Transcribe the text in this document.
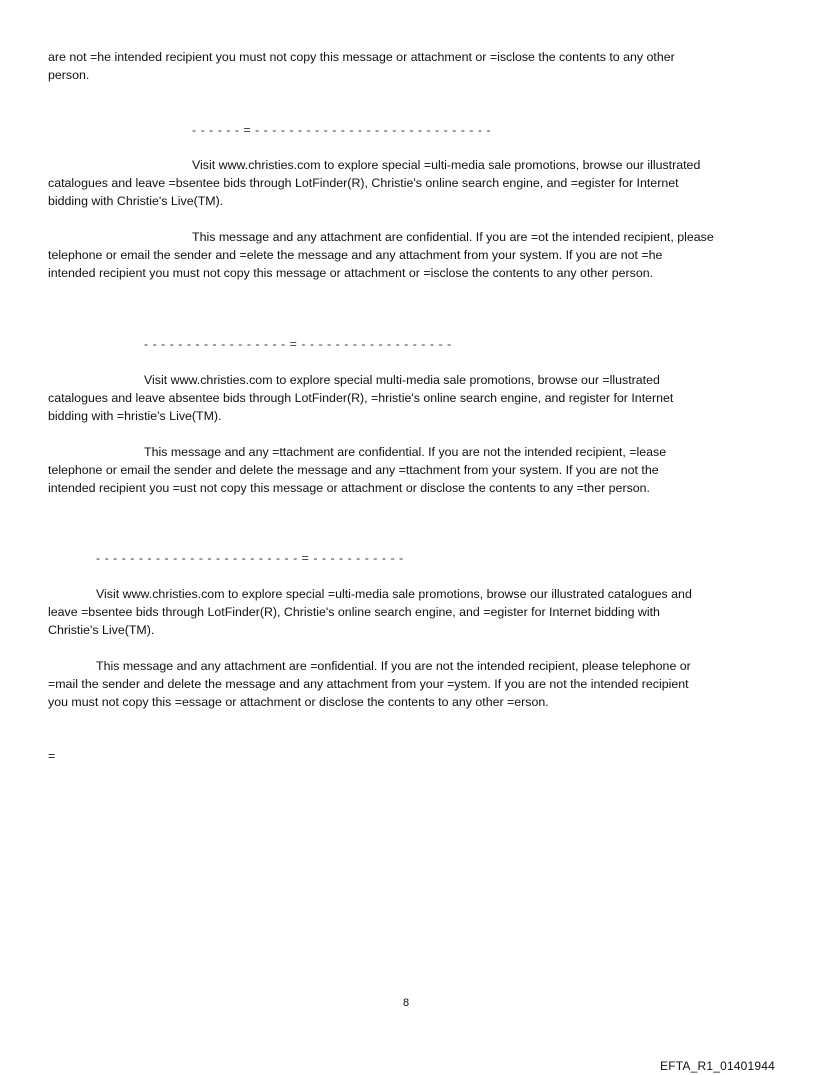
are not =he intended recipient you must not copy this message or attachment or =isclose the contents to any other
person.
- - - - - - = - - - - - - - - - - - - - - - - - - - - - - - - - - - -
Visit www.christies.com to explore special =ulti-media sale promotions, browse our illustrated
catalogues and leave =bsentee bids through LotFinder(R), Christie's online search engine, and =egister for Internet
bidding with Christie's Live(TM).
This message and any attachment are confidential. If you are =ot the intended recipient, please
telephone or email the sender and =elete the message and any attachment from your system. If you are not =he
intended recipient you must not copy this message or attachment or =isclose the contents to any other person.
- - - - - - - - - - - - - - - - - = - - - - - - - - - - - - - - - - - -
Visit www.christies.com to explore special multi-media sale promotions, browse our =llustrated
catalogues and leave absentee bids through LotFinder(R), =hristie's online search engine, and register for Internet
bidding with =hristie's Live(TM).
This message and any =ttachment are confidential. If you are not the intended recipient, =lease
telephone or email the sender and delete the message and any =ttachment from your system. If you are not the
intended recipient you =ust not copy this message or attachment or disclose the contents to any =ther person.
- - - - - - - - - - - - - - - - - - - - - - - - = - - - - - - - - - - -
Visit www.christies.com to explore special =ulti-media sale promotions, browse our illustrated catalogues and
leave =bsentee bids through LotFinder(R), Christie's online search engine, and =egister for Internet bidding with
Christie's Live(TM).
This message and any attachment are =onfidential. If you are not the intended recipient, please telephone or
=mail the sender and delete the message and any attachment from your =ystem. If you are not the intended recipient
you must not copy this =essage or attachment or disclose the contents to any other =erson.
=
8
EFTA_R1_01401944
